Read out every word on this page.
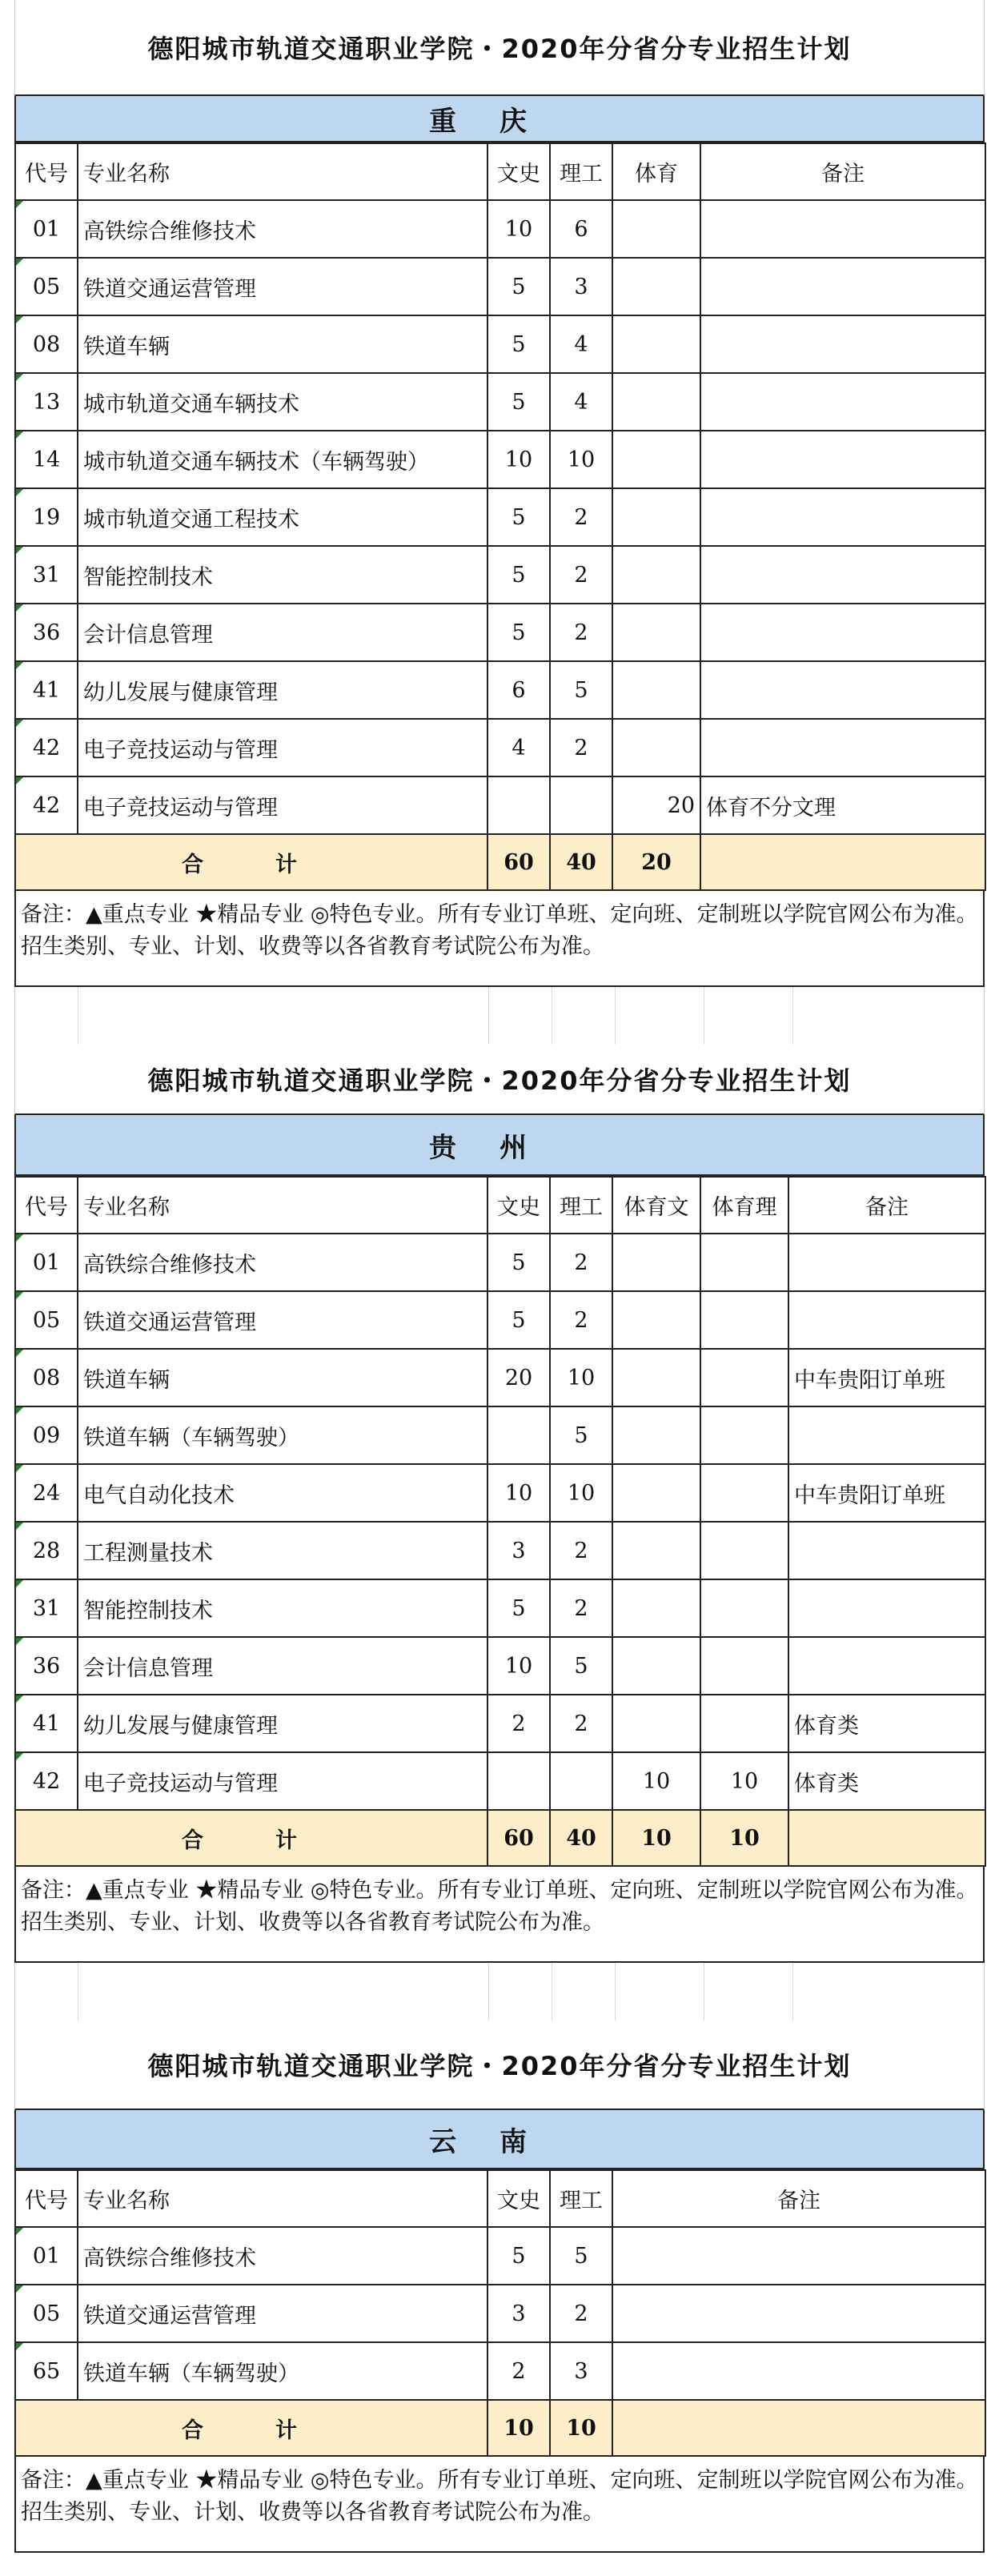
德阳城市轨道交通职业学院・2020年分省分专业招生计划
重庆
代号	专业名称	文史	理工	体育	备注
01	高铁综合维修技术	10	6		
05	铁道交通运营管理	5	3		
08	铁道车辆	5	4		
13	城市轨道交通车辆技术	5	4		
14	城市轨道交通车辆技术（车辆驾驶）	10	10		
19	城市轨道交通工程技术	5	2		
31	智能控制技术	5	2		
36	会计信息管理	5	2		
41	幼儿发展与健康管理	6	5		
42	电子竞技运动与管理	4	2		
42	电子竞技运动与管理			20	体育不分文理
合计		60	40	20	
备注：▲重点专业 ★精品专业 ◎特色专业。所有专业订单班、定向班、定制班以学院官网公布为准。招生类别、专业、计划、收费等以各省教育考试院公布为准。
德阳城市轨道交通职业学院・2020年分省分专业招生计划
贵州
代号	专业名称	文史	理工	体育文	体育理	备注
01	高铁综合维修技术	5	2			
05	铁道交通运营管理	5	2			
08	铁道车辆	20	10			中车贵阳订单班
09	铁道车辆（车辆驾驶）		5			
24	电气自动化技术	10	10			中车贵阳订单班
28	工程测量技术	3	2			
31	智能控制技术	5	2			
36	会计信息管理	10	5			
41	幼儿发展与健康管理	2	2			体育类
42	电子竞技运动与管理			10	10	体育类
合计		60	40	10	10	
备注：▲重点专业 ★精品专业 ◎特色专业。所有专业订单班、定向班、定制班以学院官网公布为准。招生类别、专业、计划、收费等以各省教育考试院公布为准。
德阳城市轨道交通职业学院・2020年分省分专业招生计划
云南
代号	专业名称	文史	理工	备注
01	高铁综合维修技术	5	5	
05	铁道交通运营管理	3	2	
65	铁道车辆（车辆驾驶）	2	3	
合计		10	10	
备注：▲重点专业 ★精品专业 ◎特色专业。所有专业订单班、定向班、定制班以学院官网公布为准。招生类别、专业、计划、收费等以各省教育考试院公布为准。
